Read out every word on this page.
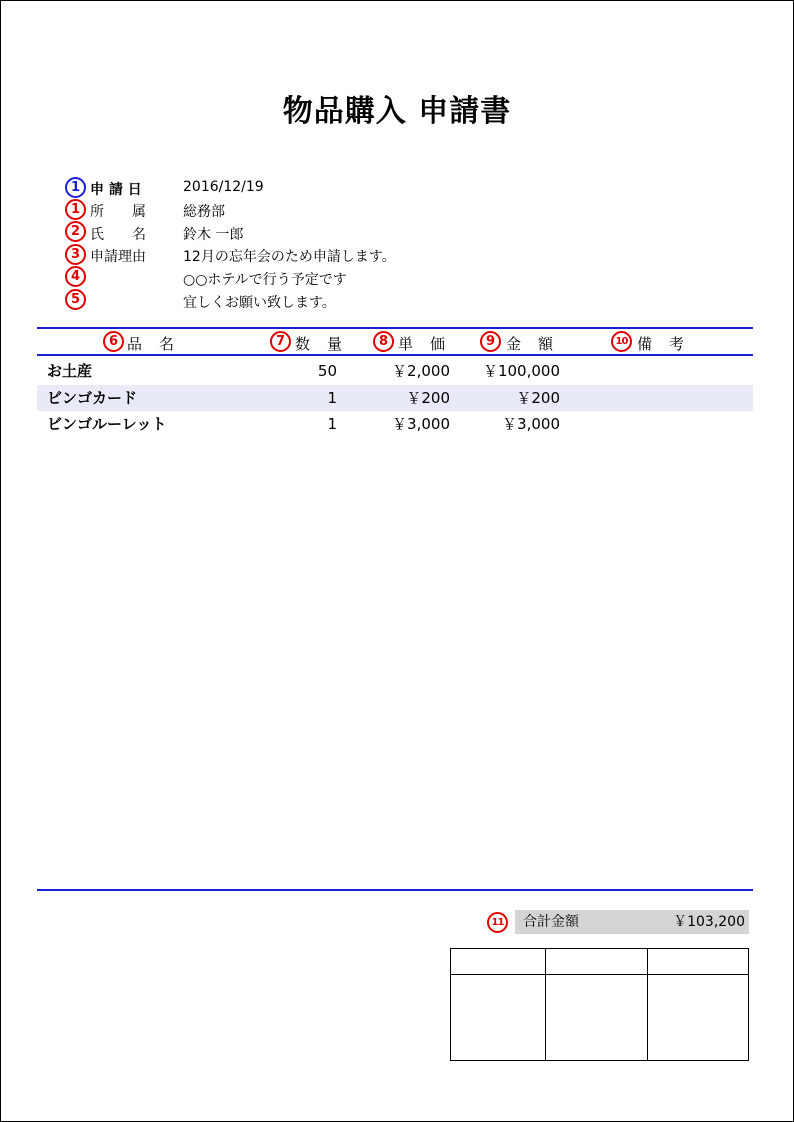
物品購入 申請書
1 申 請 日	2016/12/19
1 所　　属	総務部
2 氏　　名	鈴木 一郎
3 申請理由	12月の忘年会のため申請します。
4	○○ホテルで行う予定です
5	宜しくお願い致します。
6 品　名	7 数　量	8 単　価	9 金　額	10 備　考
お土産	50	￥2,000	￥100,000
ビンゴカード	1	￥200	￥200
ビンゴルーレット	1	￥3,000	￥3,000
11	合計金額	￥103,200
